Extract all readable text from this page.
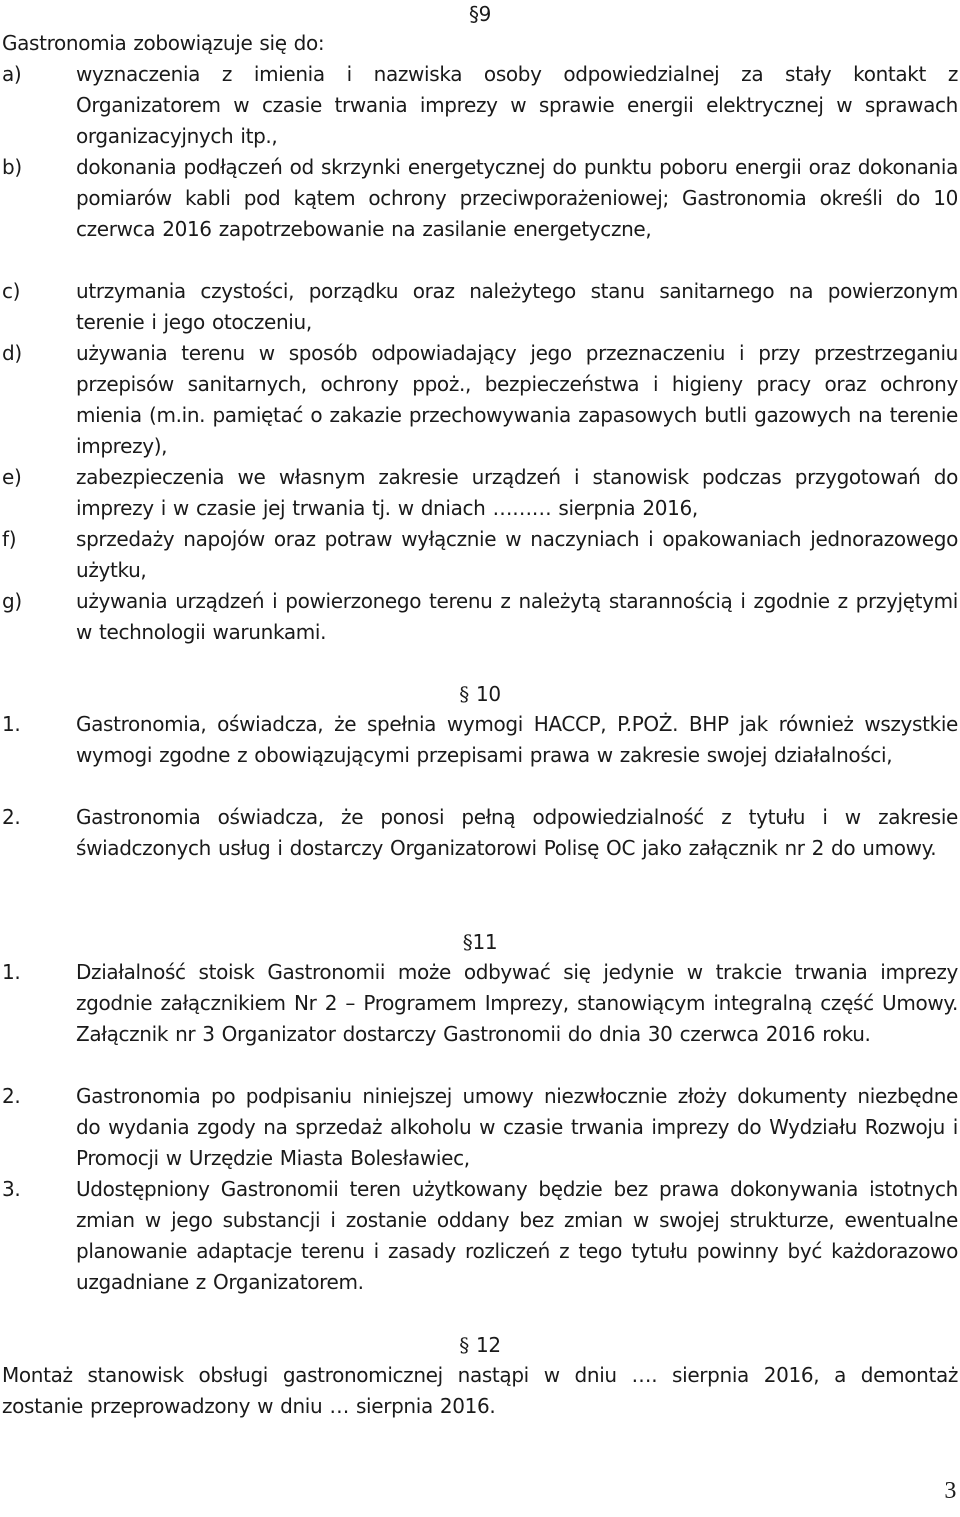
§9
Gastronomia zobowiązuje się do:
a)	wyznaczenia z imienia i nazwiska osoby odpowiedzialnej za stały kontakt z Organizatorem w czasie trwania imprezy w sprawie energii elektrycznej w sprawach organizacyjnych itp.,
b)	dokonania podłączeń od skrzynki energetycznej do punktu poboru energii oraz dokonania pomiarów kabli pod kątem ochrony przeciwporażeniowej; Gastronomia określi do 10 czerwca 2016 zapotrzebowanie na zasilanie energetyczne,
c)	utrzymania czystości, porządku oraz należytego stanu sanitarnego na powierzonym terenie i jego otoczeniu,
d)	używania terenu w sposób odpowiadający jego przeznaczeniu i przy przestrzeganiu przepisów sanitarnych, ochrony ppoż., bezpieczeństwa i higieny pracy oraz ochrony mienia (m.in. pamiętać o zakazie przechowywania zapasowych butli gazowych na terenie imprezy),
e)	zabezpieczenia we własnym zakresie urządzeń i stanowisk podczas przygotowań do imprezy i w czasie jej trwania tj. w dniach ……… sierpnia 2016,
f)	sprzedaży napojów oraz potraw wyłącznie w naczyniach i opakowaniach jednorazowego użytku,
g)	używania urządzeń i powierzonego terenu z należytą starannością i zgodnie z przyjętymi w technologii warunkami.
§ 10
1.	Gastronomia, oświadcza, że spełnia wymogi HACCP, P.POŻ. BHP jak również wszystkie wymogi zgodne z obowiązującymi przepisami prawa w zakresie swojej działalności,
2.	Gastronomia oświadcza, że ponosi pełną odpowiedzialność z tytułu i w zakresie świadczonych usług i dostarczy Organizatorowi Polisę OC jako załącznik nr 2 do umowy.
§11
1.	Działalność stoisk Gastronomii może odbywać się jedynie w trakcie trwania imprezy zgodnie załącznikiem Nr 2 – Programem Imprezy, stanowiącym integralną część Umowy. Załącznik nr 3 Organizator dostarczy Gastronomii do dnia 30 czerwca 2016 roku.
2.	Gastronomia po podpisaniu niniejszej umowy niezwłocznie złoży dokumenty niezbędne do wydania zgody na sprzedaż alkoholu w czasie trwania imprezy do Wydziału Rozwoju i Promocji w Urzędzie Miasta Bolesławiec,
3.	Udostępniony Gastronomii teren użytkowany będzie bez prawa dokonywania istotnych zmian w jego substancji i zostanie oddany bez zmian w swojej strukturze, ewentualne planowanie adaptacje terenu i zasady rozliczeń z tego tytułu powinny być każdorazowo uzgadniane z Organizatorem.
§ 12
Montaż stanowisk obsługi gastronomicznej nastąpi w dniu …. sierpnia 2016, a demontaż zostanie przeprowadzony w dniu … sierpnia 2016.
3
